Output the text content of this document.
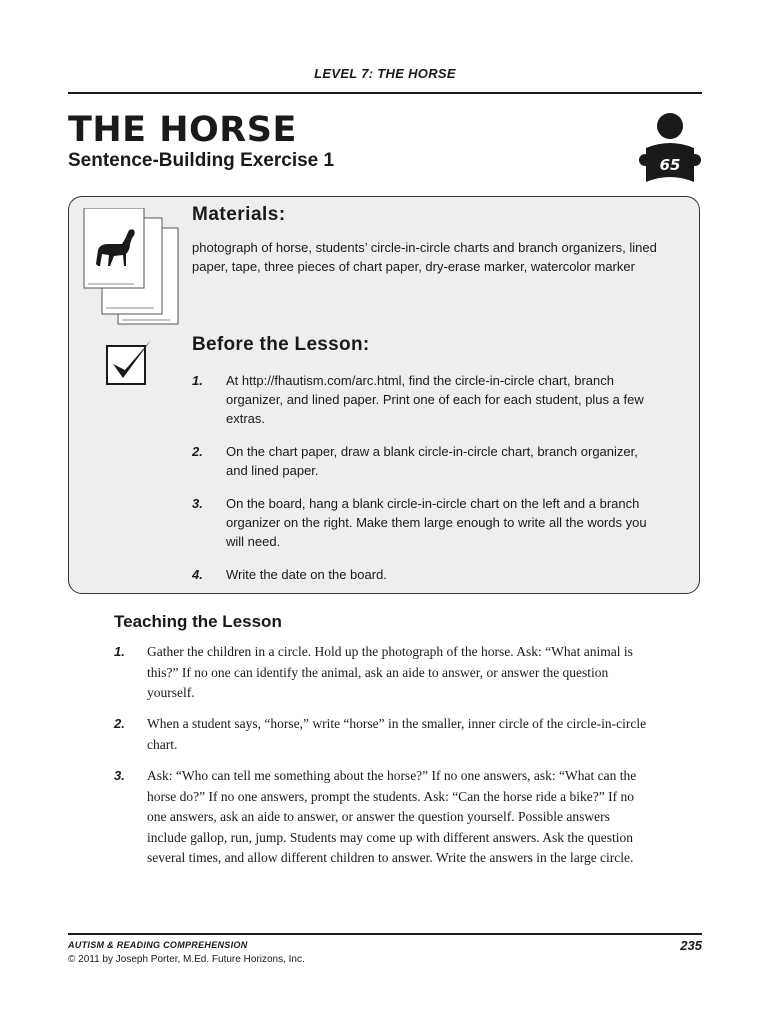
LEVEL 7: THE HORSE
THE HORSE
Sentence-Building Exercise 1	65
Materials:
photograph of horse, students’ circle-in-circle charts and branch organizers, lined paper, tape, three pieces of chart paper, dry-erase marker, watercolor marker
Before the Lesson:
1. At http://fhautism.com/arc.html, find the circle-in-circle chart, branch organizer, and lined paper. Print one of each for each student, plus a few extras.
2. On the chart paper, draw a blank circle-in-circle chart, branch organizer, and lined paper.
3. On the board, hang a blank circle-in-circle chart on the left and a branch organizer on the right. Make them large enough to write all the words you will need.
4. Write the date on the board.
Teaching the Lesson
1. Gather the children in a circle. Hold up the photograph of the horse. Ask: “What animal is this?” If no one can identify the animal, ask an aide to answer, or answer the question yourself.
2. When a student says, “horse,” write “horse” in the smaller, inner circle of the circle-in-circle chart.
3. Ask: “Who can tell me something about the horse?” If no one answers, ask: “What can the horse do?” If no one answers, prompt the students. Ask: “Can the horse ride a bike?” If no one answers, ask an aide to answer, or answer the question yourself. Possible answers include gallop, run, jump. Students may come up with different answers. Ask the question several times, and allow different children to answer. Write the answers in the large circle.
AUTISM & READING COMPREHENSION
© 2011 by Joseph Porter, M.Ed. Future Horizons, Inc.
235
